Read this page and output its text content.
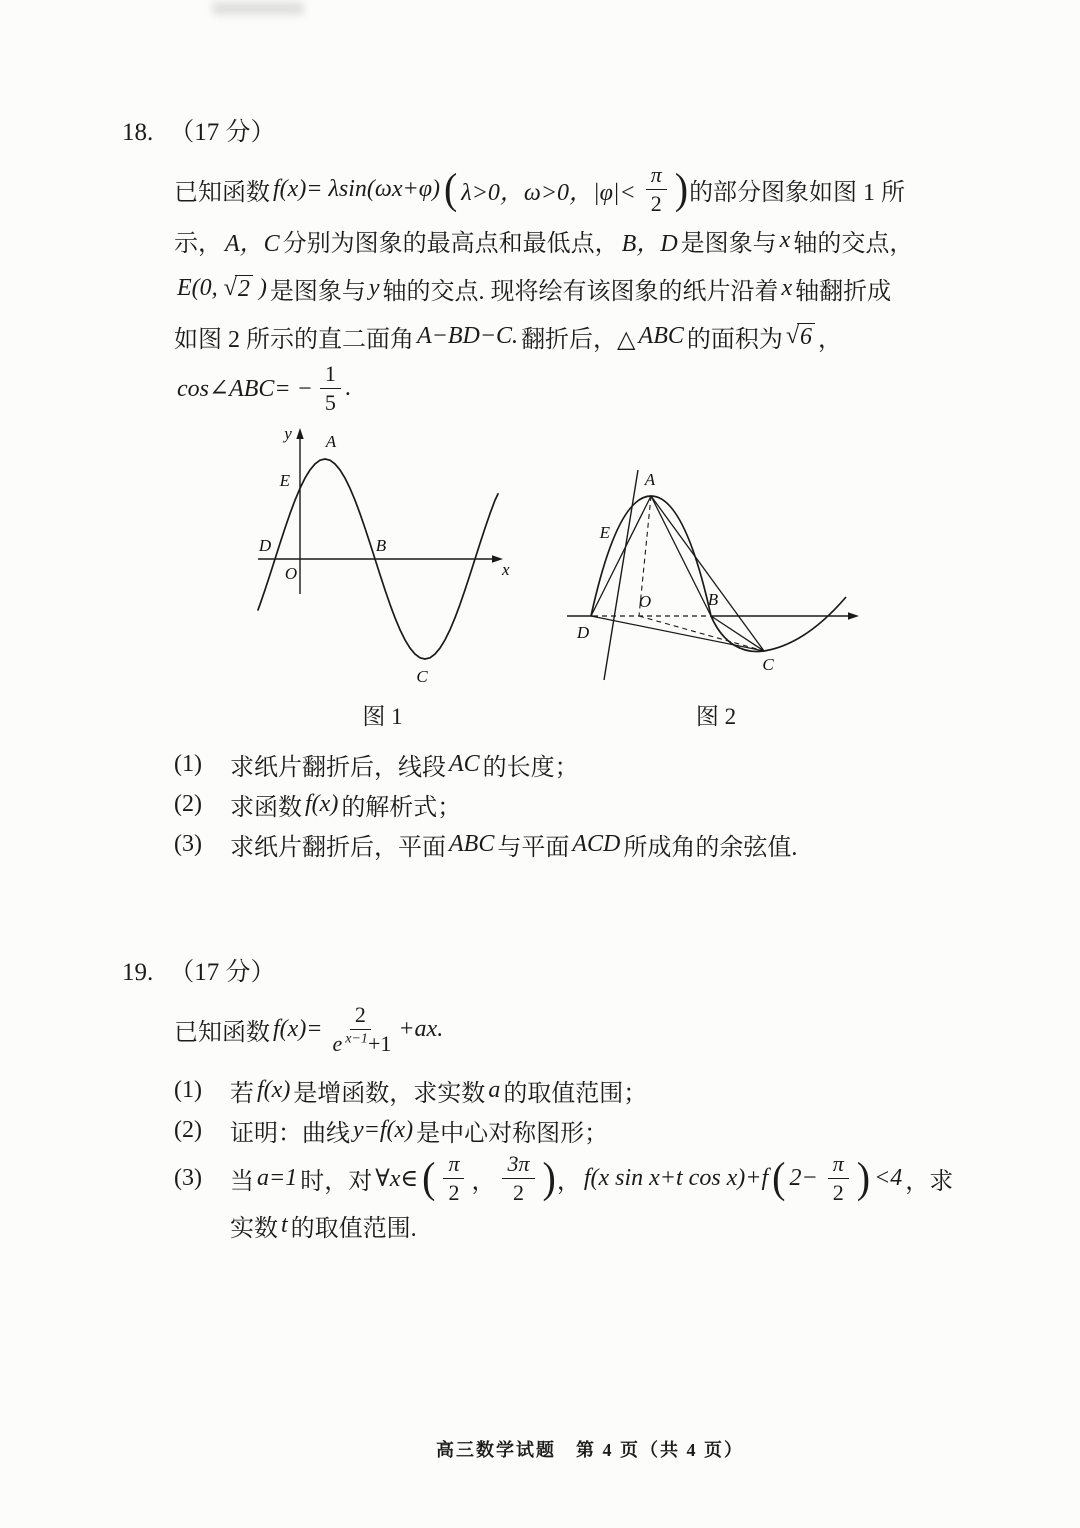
18. （17 分）

已知函数 f(x)= λsin(ωx+φ) ( λ>0，ω>0，$|\varphi|< \frac{\pi}{2}$ ) 的部分图象如图 1 所

示， A，C 分别为图象的最高点和最低点， B，D 是图象与 x 轴的交点，

E(0, √ 2 ) 是图象与 y 轴的交点. 现将绘有该图象的纸片沿着 x 轴翻折成

如图 2 所示的直二面角 A−BD−C. 翻折后，△ ABC 的面积为 √ 6 ，

cos∠ABC= − $\frac{1}{5}$ .

y
x
A
E
D
O
B
C
图 1
A
E
D
O	B
C
图 2

(1)	求纸片翻折后，线段 AC 的长度；

(2)	求函数 f(x) 的解析式；

(3)	求纸片翻折后，平面 ABC 与平面 ACD 所成角的余弦值.

19. （17 分）

已知函数 $f(x)= \frac{2}{e ^{x-1}+1} +ax$.

(1)	若 f(x) 是增函数，求实数 a 的取值范围；

(2)	证明：曲线 y=f(x) 是中心对称图形；

(3)	当 a=1 时，对 ∀x∈ ( $\frac{\pi}{2}$ ， $\frac{3\pi}{2}$ ) ， f(x sin x+t cos x)+f ( $2- \frac{\pi}{2}$ ) <4 ，求

实数 t 的取值范围.

高三数学试题　第 4 页（共 4 页）
